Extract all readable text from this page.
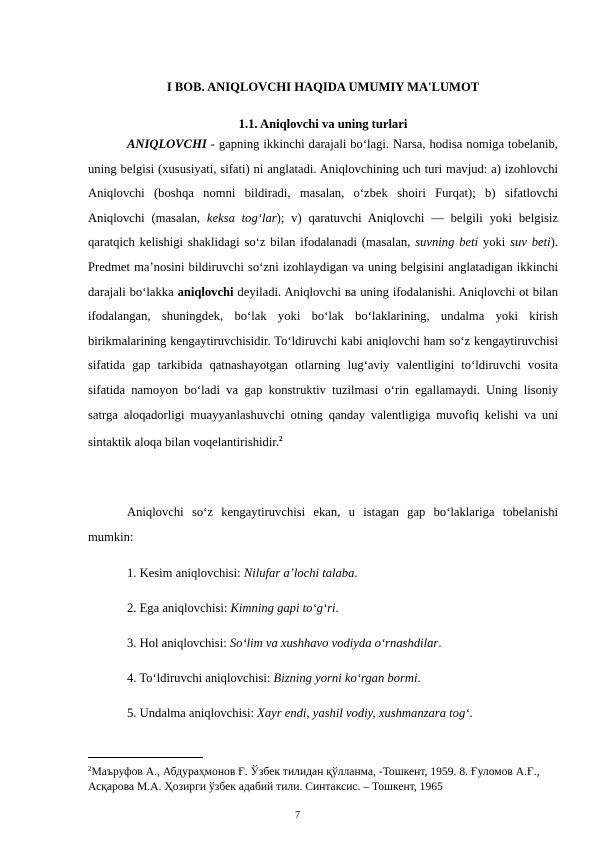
I BOB. ANIQLOVCHI HAQIDA UMUMIY MA'LUMOT
1.1. Aniqlovchi va uning turlari

ANIQLOVCHI - gapning ikkinchi darajali bo‘lagi. Narsa, hodisa nomiga tobelanib, uning belgisi (xususiyati, sifati) ni anglatadi. Aniqlovchining uch turi mavjud: a) izohlovchi Aniqlovchi (boshqa nomni bildiradi, masalan, o‘zbek shoiri Furqat); b) sifatlovchi Aniqlovchi (masalan, keksa tog‘lar); v) qaratuvchi Aniqlovchi — belgili yoki belgisiz qaratqich kelishigi shaklidagi so‘z bilan ifodalanadi (masalan, suvning beti yoki suv beti). Predmet ma’nosini bildiruvchi so‘zni izohlaydigan va uning belgisini anglatadigan ikkinchi darajali bo‘lakka aniqlovchi deyiladi. Aniqlovchi вa uning ifodalanishi. Aniqlovchi ot bilan ifodalangan, shuningdek, bo‘lak yoki bo‘lak bo‘laklarining, undalma yoki kirish birikmalarining kengaytiruvchisidir. To‘ldiruvchi kabi aniqlovchi ham so‘z kengaytiruvchisi sifatida gap tarkibida qatnashayotgan otlarning lug‘aviy valentligini to‘ldiruvchi vosita sifatida namoyon bo‘ladi va gap konstruktiv tuzilmasi o‘rin egallamaydi. Uning lisoniy satrga aloqadorligi muayyanlashuvchi otning qanday valentligiga muvofiq kelishi va uni sintaktik aloqa bilan voqelantirishidir.$^2$

Aniqlovchi so‘z kengaytiruvchisi ekan, u istagan gap bo‘laklariga tobelanishi mumkin:

1. Kesim aniqlovchisi: Nilufar a’lochi talaba.
2. Ega aniqlovchisi: Kimning gapi to‘g‘ri.
3. Hol aniqlovchisi: So‘lim va xushhavo vodiyda o‘rnashdilar.
4. To‘ldiruvchi aniqlovchisi: Bizning yorni ko‘rgan bormi.
5. Undalma aniqlovchisi: Xayr endi, yashil vodiy, xushmanzara tog‘.
$^2$Маъруфов А., Абдураҳмонов Ғ. Ўзбек тилидан қўлланма, -Тошкент, 1959. 8. Ғуломов А.Ғ., Асқарова М.А. Ҳозирги ўзбек адабий тили. Синтаксис. – Тошкент, 1965
7
